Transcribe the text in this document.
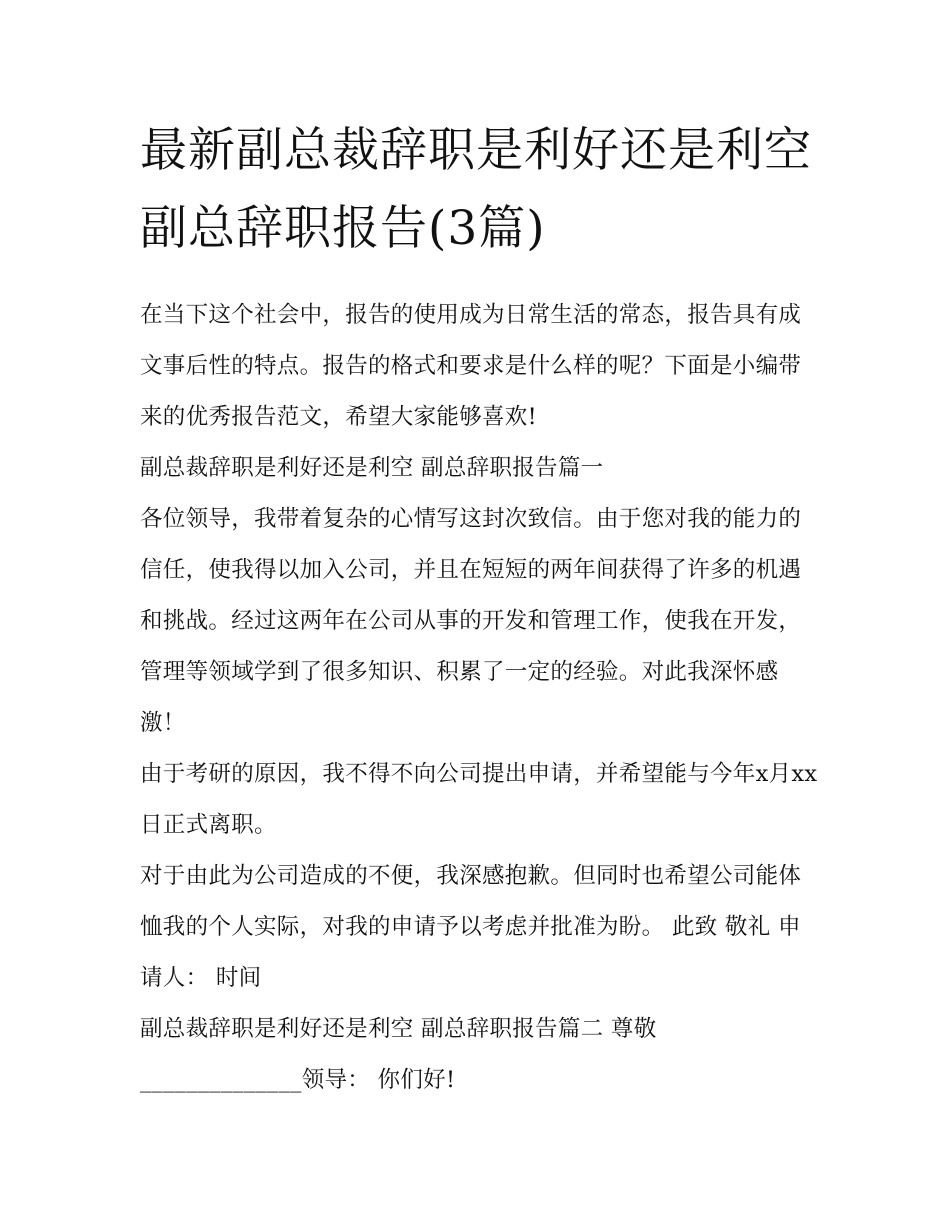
最新副总裁辞职是利好还是利空 副总辞职报告(3篇)

在当下这个社会中，报告的使用成为日常生活的常态，报告具有成文事后性的特点。报告的格式和要求是什么样的呢？下面是小编带来的优秀报告范文，希望大家能够喜欢!

副总裁辞职是利好还是利空 副总辞职报告篇一

各位领导，我带着复杂的心情写这封次致信。由于您对我的能力的信任，使我得以加入公司，并且在短短的两年间获得了许多的机遇和挑战。经过这两年在公司从事的开发和管理工作，使我在开发，管理等领域学到了很多知识、积累了一定的经验。对此我深怀感激！

由于考研的原因，我不得不向公司提出申请，并希望能与今年x月xx日正式离职。

对于由此为公司造成的不便，我深感抱歉。但同时也希望公司能体恤我的个人实际，对我的申请予以考虑并批准为盼。 此致 敬礼 申请人： 时间

副总裁辞职是利好还是利空 副总辞职报告篇二 尊敬

______________领导： 你们好!
